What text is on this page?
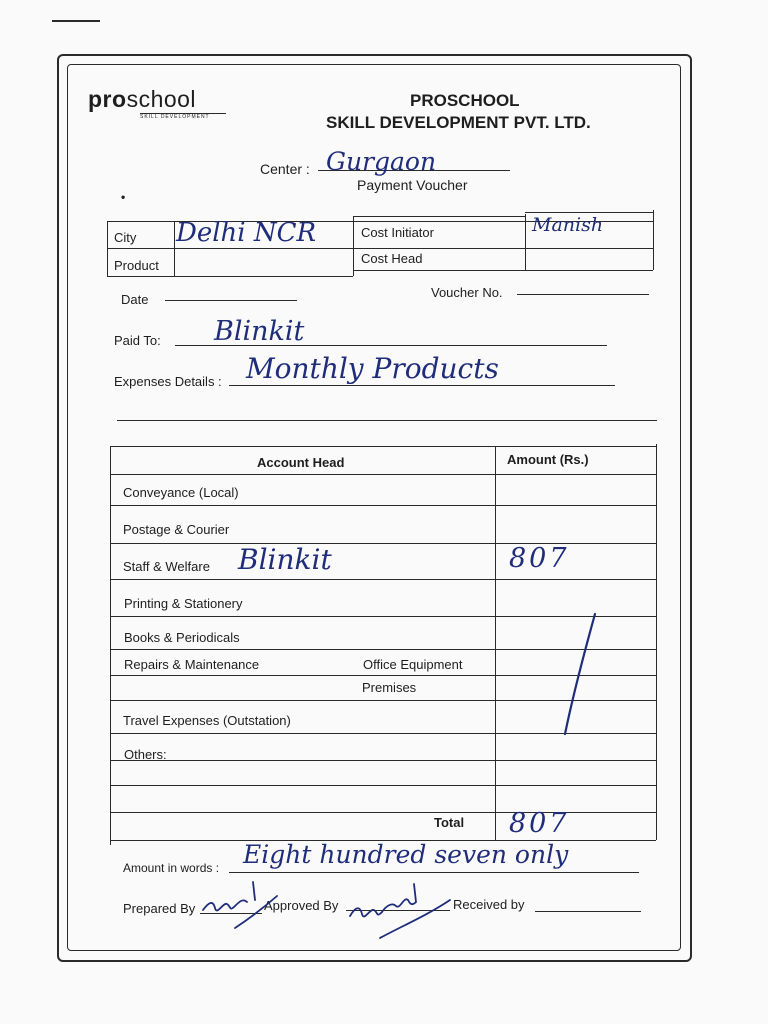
proschool
SKILL DEVELOPMENT
PROSCHOOL
SKILL DEVELOPMENT PVT. LTD.
Center : Gurgaon
Payment Voucher
•
City Delhi NCR
Product
Cost Initiator	Manish
Cost Head
Date	Voucher No.
Paid To: Blinkit
Expenses Details : Monthly Products
Account Head	Amount (Rs.)
Conveyance (Local)
Postage & Courier
Staff & Welfare Blinkit	807
Printing & Stationery
Books & Periodicals
Repairs & Maintenance	Office Equipment
Premises
Travel Expenses (Outstation)
Others:
Total 807
Amount in words : Eight hundred seven only
Prepared By	Approved By	Received by
